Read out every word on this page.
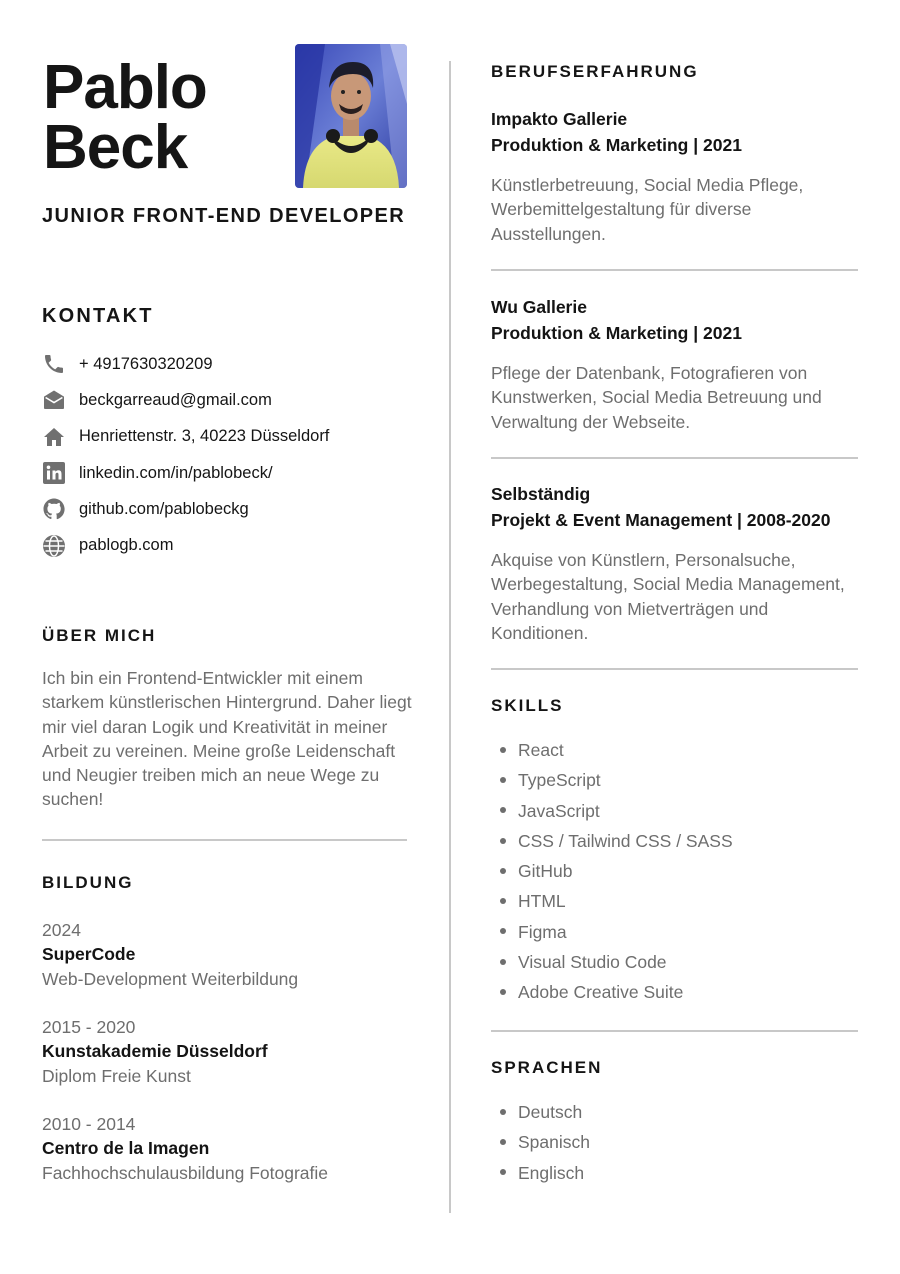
Pablo
Beck
JUNIOR FRONT-END DEVELOPER
KONTAKT
+ 4917630320209
beckgarreaud@gmail.com
Henriettenstr. 3, 40223 Düsseldorf
linkedin.com/in/pablobeck/
github.com/pablobeckg
pablogb.com
ÜBER MICH
Ich bin ein Frontend-Entwickler mit einem starkem künstlerischen Hintergrund. Daher liegt mir viel daran Logik und Kreativität in meiner Arbeit zu vereinen. Meine große Leidenschaft und Neugier treiben mich an neue Wege zu suchen!
BILDUNG
2024
SuperCode
Web-Development Weiterbildung
2015 - 2020
Kunstakademie Düsseldorf
Diplom Freie Kunst
2010 - 2014
Centro de la Imagen
Fachhochschulausbildung Fotografie
BERUFSERFAHRUNG
Impakto Gallerie
Produktion & Marketing | 2021
Künstlerbetreuung, Social Media Pflege, Werbemittelgestaltung für diverse Ausstellungen.
Wu Gallerie
Produktion & Marketing | 2021
Pflege der Datenbank, Fotografieren von Kunstwerken, Social Media Betreuung und Verwaltung der Webseite.
Selbständig
Projekt & Event Management | 2008-2020
Akquise von Künstlern, Personalsuche, Werbegestaltung, Social Media Management, Verhandlung von Mietverträgen und Konditionen.
SKILLS
React
TypeScript
JavaScript
CSS / Tailwind CSS / SASS
GitHub
HTML
Figma
Visual Studio Code
Adobe Creative Suite
SPRACHEN
Deutsch
Spanisch
Englisch
